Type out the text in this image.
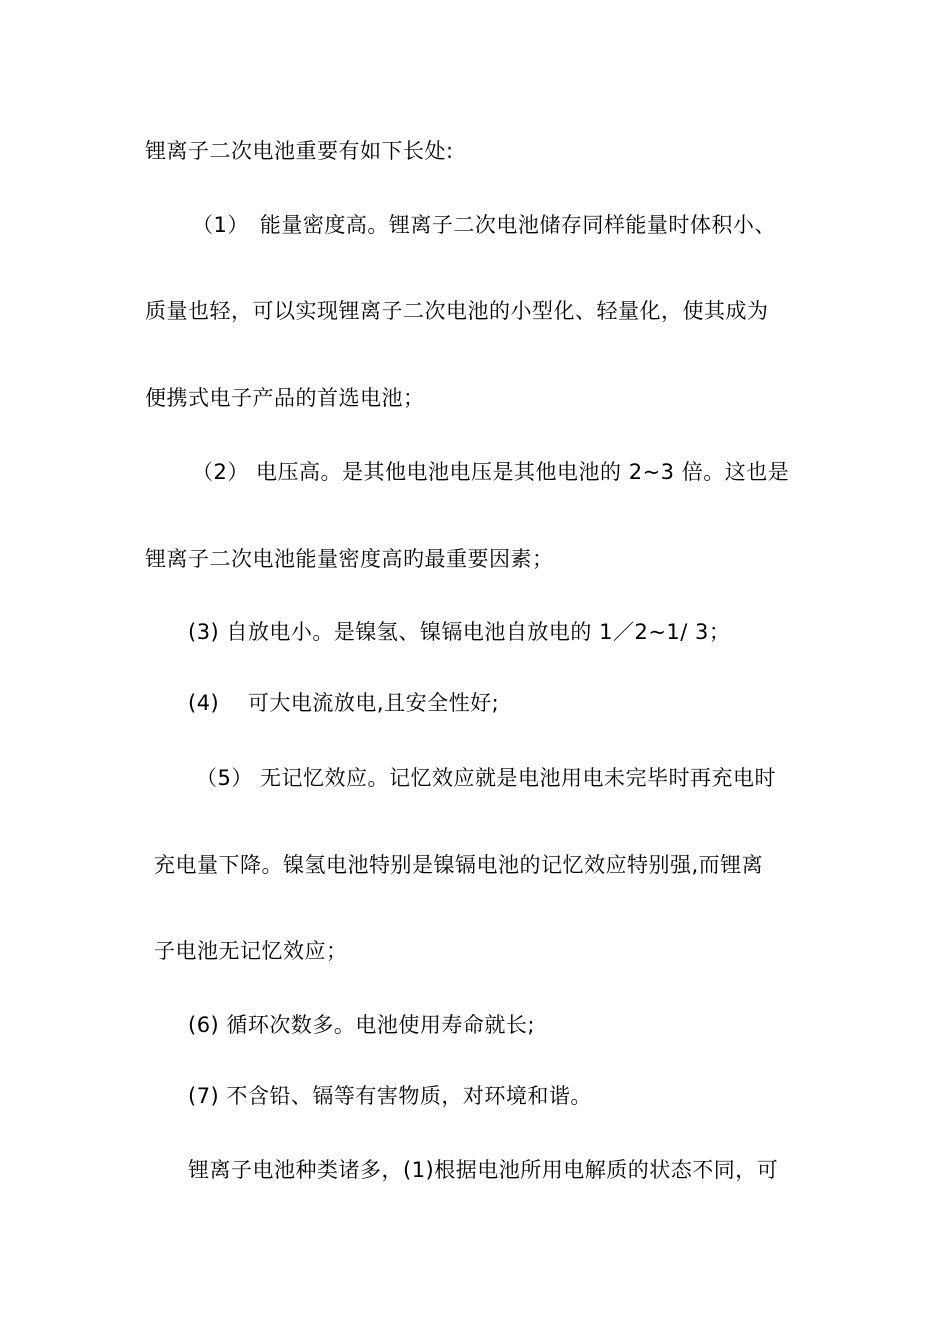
锂离子二次电池重要有如下长处:
（1）　能量密度高。锂离子二次电池储存同样能量时体积小、
质量也轻，可以实现锂离子二次电池的小型化、轻量化，使其成为
便携式电子产品的首选电池；
（2） 电压高。是其他电池电压是其他电池的 2~3 倍。这也是
锂离子二次电池能量密度高旳最重要因素；
(3) 自放电小。是镍氢、镍镉电池自放电的 1／2~1/ 3；
(4)　 可大电流放电,且安全性好;
（5） 无记忆效应。记忆效应就是电池用电未完毕时再充电时
充电量下降。镍氢电池特别是镍镉电池的记忆效应特别强,而锂离
子电池无记忆效应；
(6) 循环次数多。电池使用寿命就长;
(7) 不含铅、镉等有害物质，对环境和谐。
锂离子电池种类诸多，(1)根据电池所用电解质的状态不同，可
